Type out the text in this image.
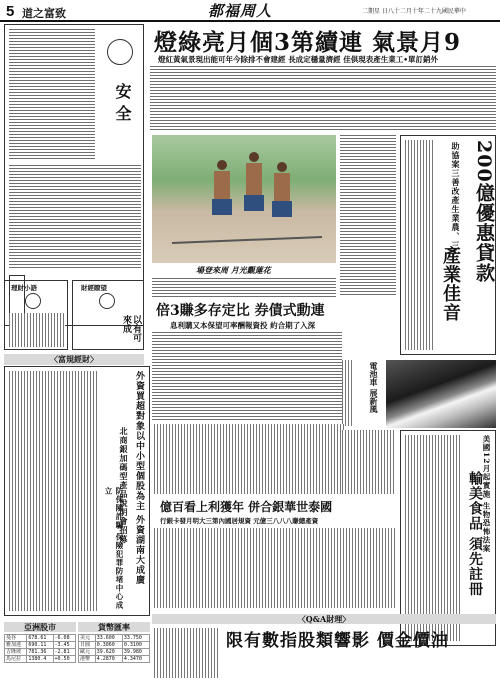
5 道之富致	都福周人	二期星 日八十二月十年二十九國民華中
安全
理財小語	財經瞭望
以有可來成
燈綠亮月個3第續連 氣景月9
燈紅黃氣景現出能可年今除排不會建經 長成定穩量濟經 佳俱現表產生業工•單訂銷外
場登來周 月光觀蓮花	200億優惠貸款
助協案三善改產生業農、三
產業佳音
倍3賺多存定比 券債式動連
息利購又本保望可率酬報資投 約合期了入深
電池車 展新風
〈富規經財〉
外資買超對象以中小型個股為主 外資湖南大成廣
北商銀加碼型產品說明會招募
防保險詐騙 保險犯罪防堵中心成立	輸美食品 須先註冊 美國12月起實施 生物恐怖法案
億百看上利獲年 併合銀華世泰國
行銀卡發月明大三第內國居規資 元億三八八八賺總產資
〈Q&A財理〉
限有數指股類響影 價金價油
亞洲股市	貨幣匯率
曼谷	678.61	-6.08
雅加達	690.11	-3.45
吉隆坡	781.36	-2.81
馬尼拉	1380.4	+0.50
美元	33.600	33.750
日圓	0.3060	0.3100
歐元	39.620	39.980
港幣	4.2870	4.3470
